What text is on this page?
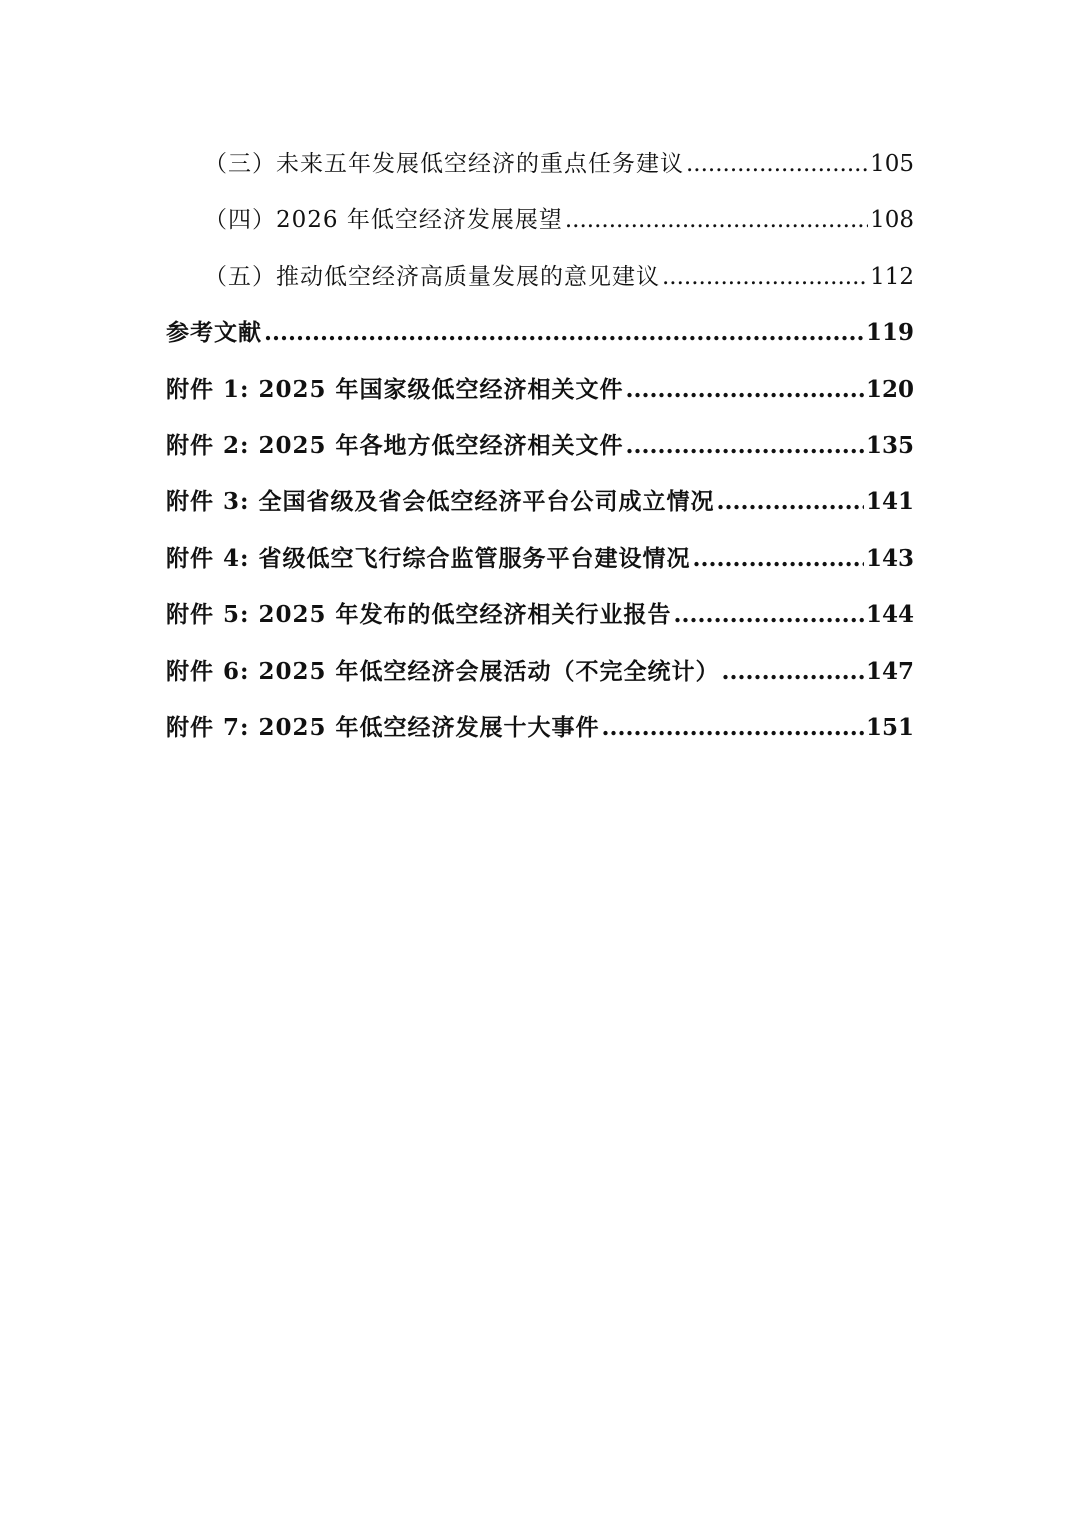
（三）未来五年发展低空经济的重点任务建议 .....	105
（四）2026 年低空经济发展展望 .....	108
（五）推动低空经济高质量发展的意见建议 .....	112
参考文献 .....	119
附件 1: 2025 年国家级低空经济相关文件 .....	120
附件 2: 2025 年各地方低空经济相关文件 .....	135
附件 3: 全国省级及省会低空经济平台公司成立情况 .....	141
附件 4: 省级低空飞行综合监管服务平台建设情况 .....	143
附件 5: 2025 年发布的低空经济相关行业报告 .....	144
附件 6: 2025 年低空经济会展活动（不完全统计） .....	147
附件 7: 2025 年低空经济发展十大事件 .....	151
